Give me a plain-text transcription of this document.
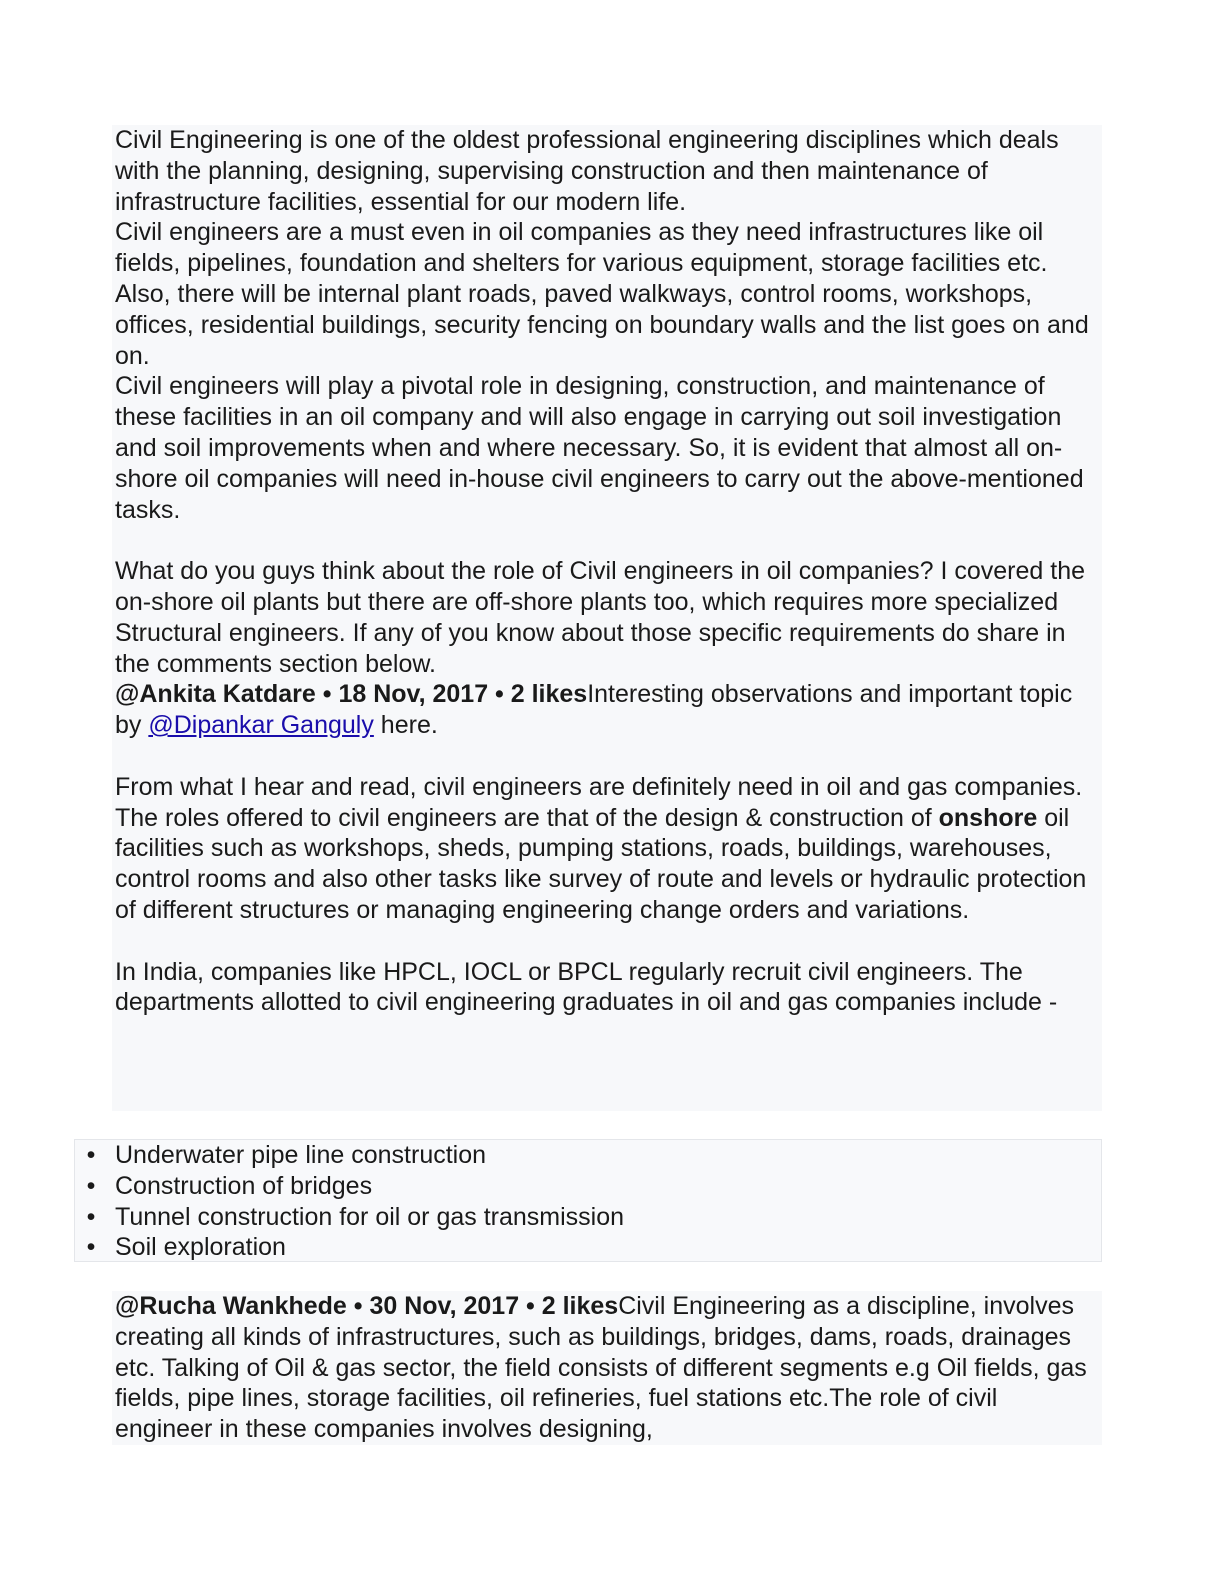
Civil Engineering is one of the oldest professional engineering disciplines which deals with the planning, designing, supervising construction and then maintenance of infrastructure facilities, essential for our modern life.

Civil engineers are a must even in oil companies as they need infrastructures like oil fields, pipelines, foundation and shelters for various equipment, storage facilities etc. Also, there will be internal plant roads, paved walkways, control rooms, workshops, offices, residential buildings, security fencing on boundary walls and the list goes on and on.

Civil engineers will play a pivotal role in designing, construction, and maintenance of these facilities in an oil company and will also engage in carrying out soil investigation and soil improvements when and where necessary. So, it is evident that almost all on-shore oil companies will need in-house civil engineers to carry out the above-mentioned tasks.

What do you guys think about the role of Civil engineers in oil companies? I covered the on-shore oil plants but there are off-shore plants too, which requires more specialized Structural engineers. If any of you know about those specific requirements do share in the comments section below.

@Ankita Katdare • 18 Nov, 2017 • 2 likesInteresting observations and important topic by @Dipankar Ganguly here.

From what I hear and read, civil engineers are definitely need in oil and gas companies. The roles offered to civil engineers are that of the design & construction of onshore oil facilities such as workshops, sheds, pumping stations, roads, buildings, warehouses, control rooms and also other tasks like survey of route and levels or hydraulic protection of different structures or managing engineering change orders and variations.

In India, companies like HPCL, IOCL or BPCL regularly recruit civil engineers. The departments allotted to civil engineering graduates in oil and gas companies include -

• Underwater pipe line construction
• Construction of bridges
• Tunnel construction for oil or gas transmission
• Soil exploration

@Rucha Wankhede • 30 Nov, 2017 • 2 likesCivil Engineering as a discipline, involves creating all kinds of infrastructures, such as buildings, bridges, dams, roads, drainages etc. Talking of Oil & gas sector, the field consists of different segments e.g Oil fields, gas fields, pipe lines, storage facilities, oil refineries, fuel stations etc.The role of civil engineer in these companies involves designing,
